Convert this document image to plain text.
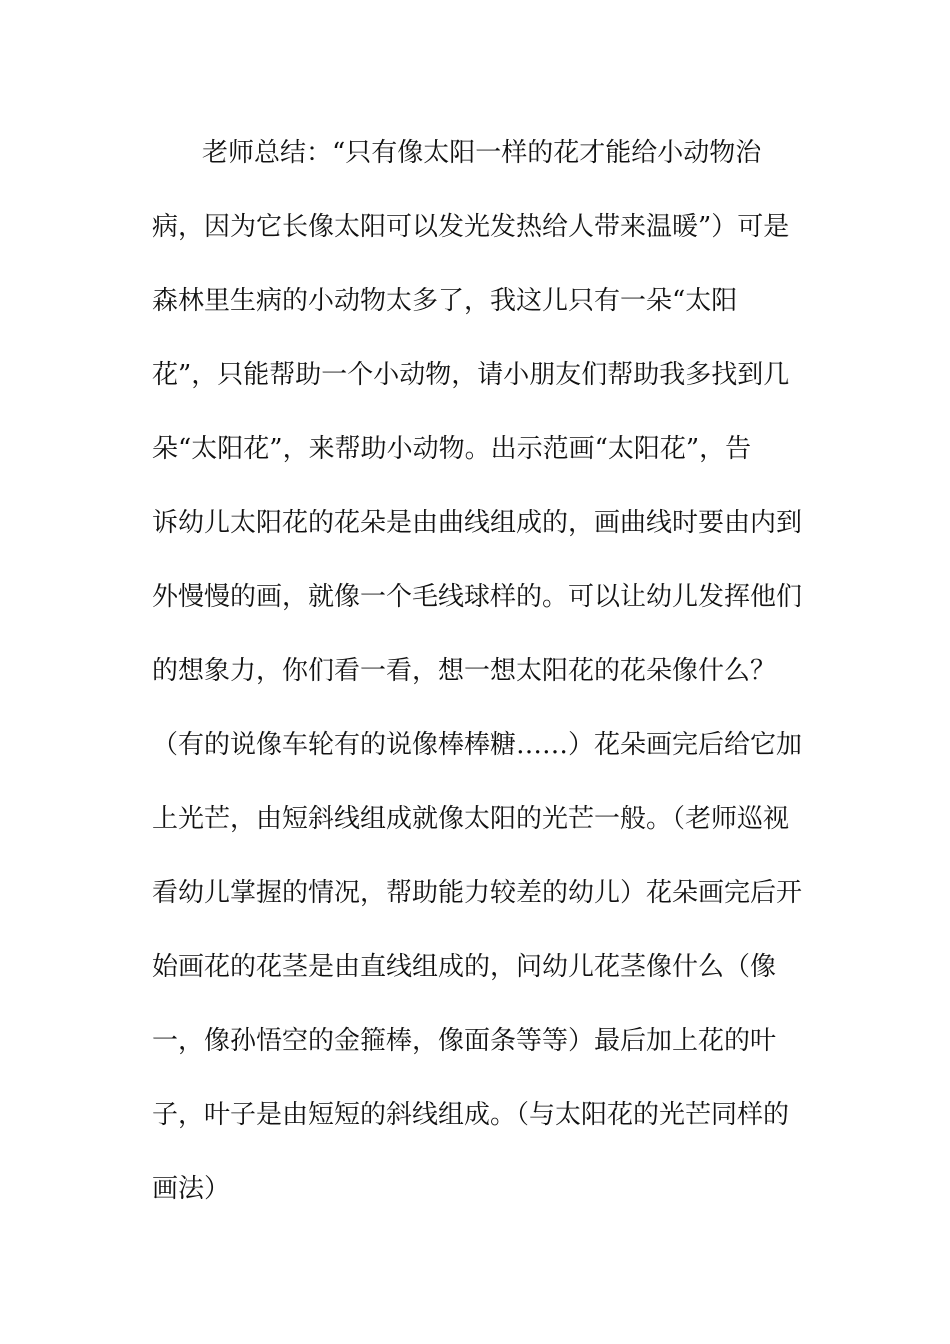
老师总结：“只有像太阳一样的花才能给小动物治
病，因为它长像太阳可以发光发热给人带来温暖”）可是
森林里生病的小动物太多了，我这儿只有一朵“太阳
花”，只能帮助一个小动物，请小朋友们帮助我多找到几
朵“太阳花”，来帮助小动物。出示范画“太阳花”，告
诉幼儿太阳花的花朵是由曲线组成的，画曲线时要由内到
外慢慢的画，就像一个毛线球样的。可以让幼儿发挥他们
的想象力，你们看一看，想一想太阳花的花朵像什么？
（有的说像车轮有的说像棒棒糖……）花朵画完后给它加
上光芒，由短斜线组成就像太阳的光芒一般。（老师巡视
看幼儿掌握的情况，帮助能力较差的幼儿）花朵画完后开
始画花的花茎是由直线组成的，问幼儿花茎像什么（像
一，像孙悟空的金箍棒，像面条等等）最后加上花的叶
子，叶子是由短短的斜线组成。（与太阳花的光芒同样的
画法）
